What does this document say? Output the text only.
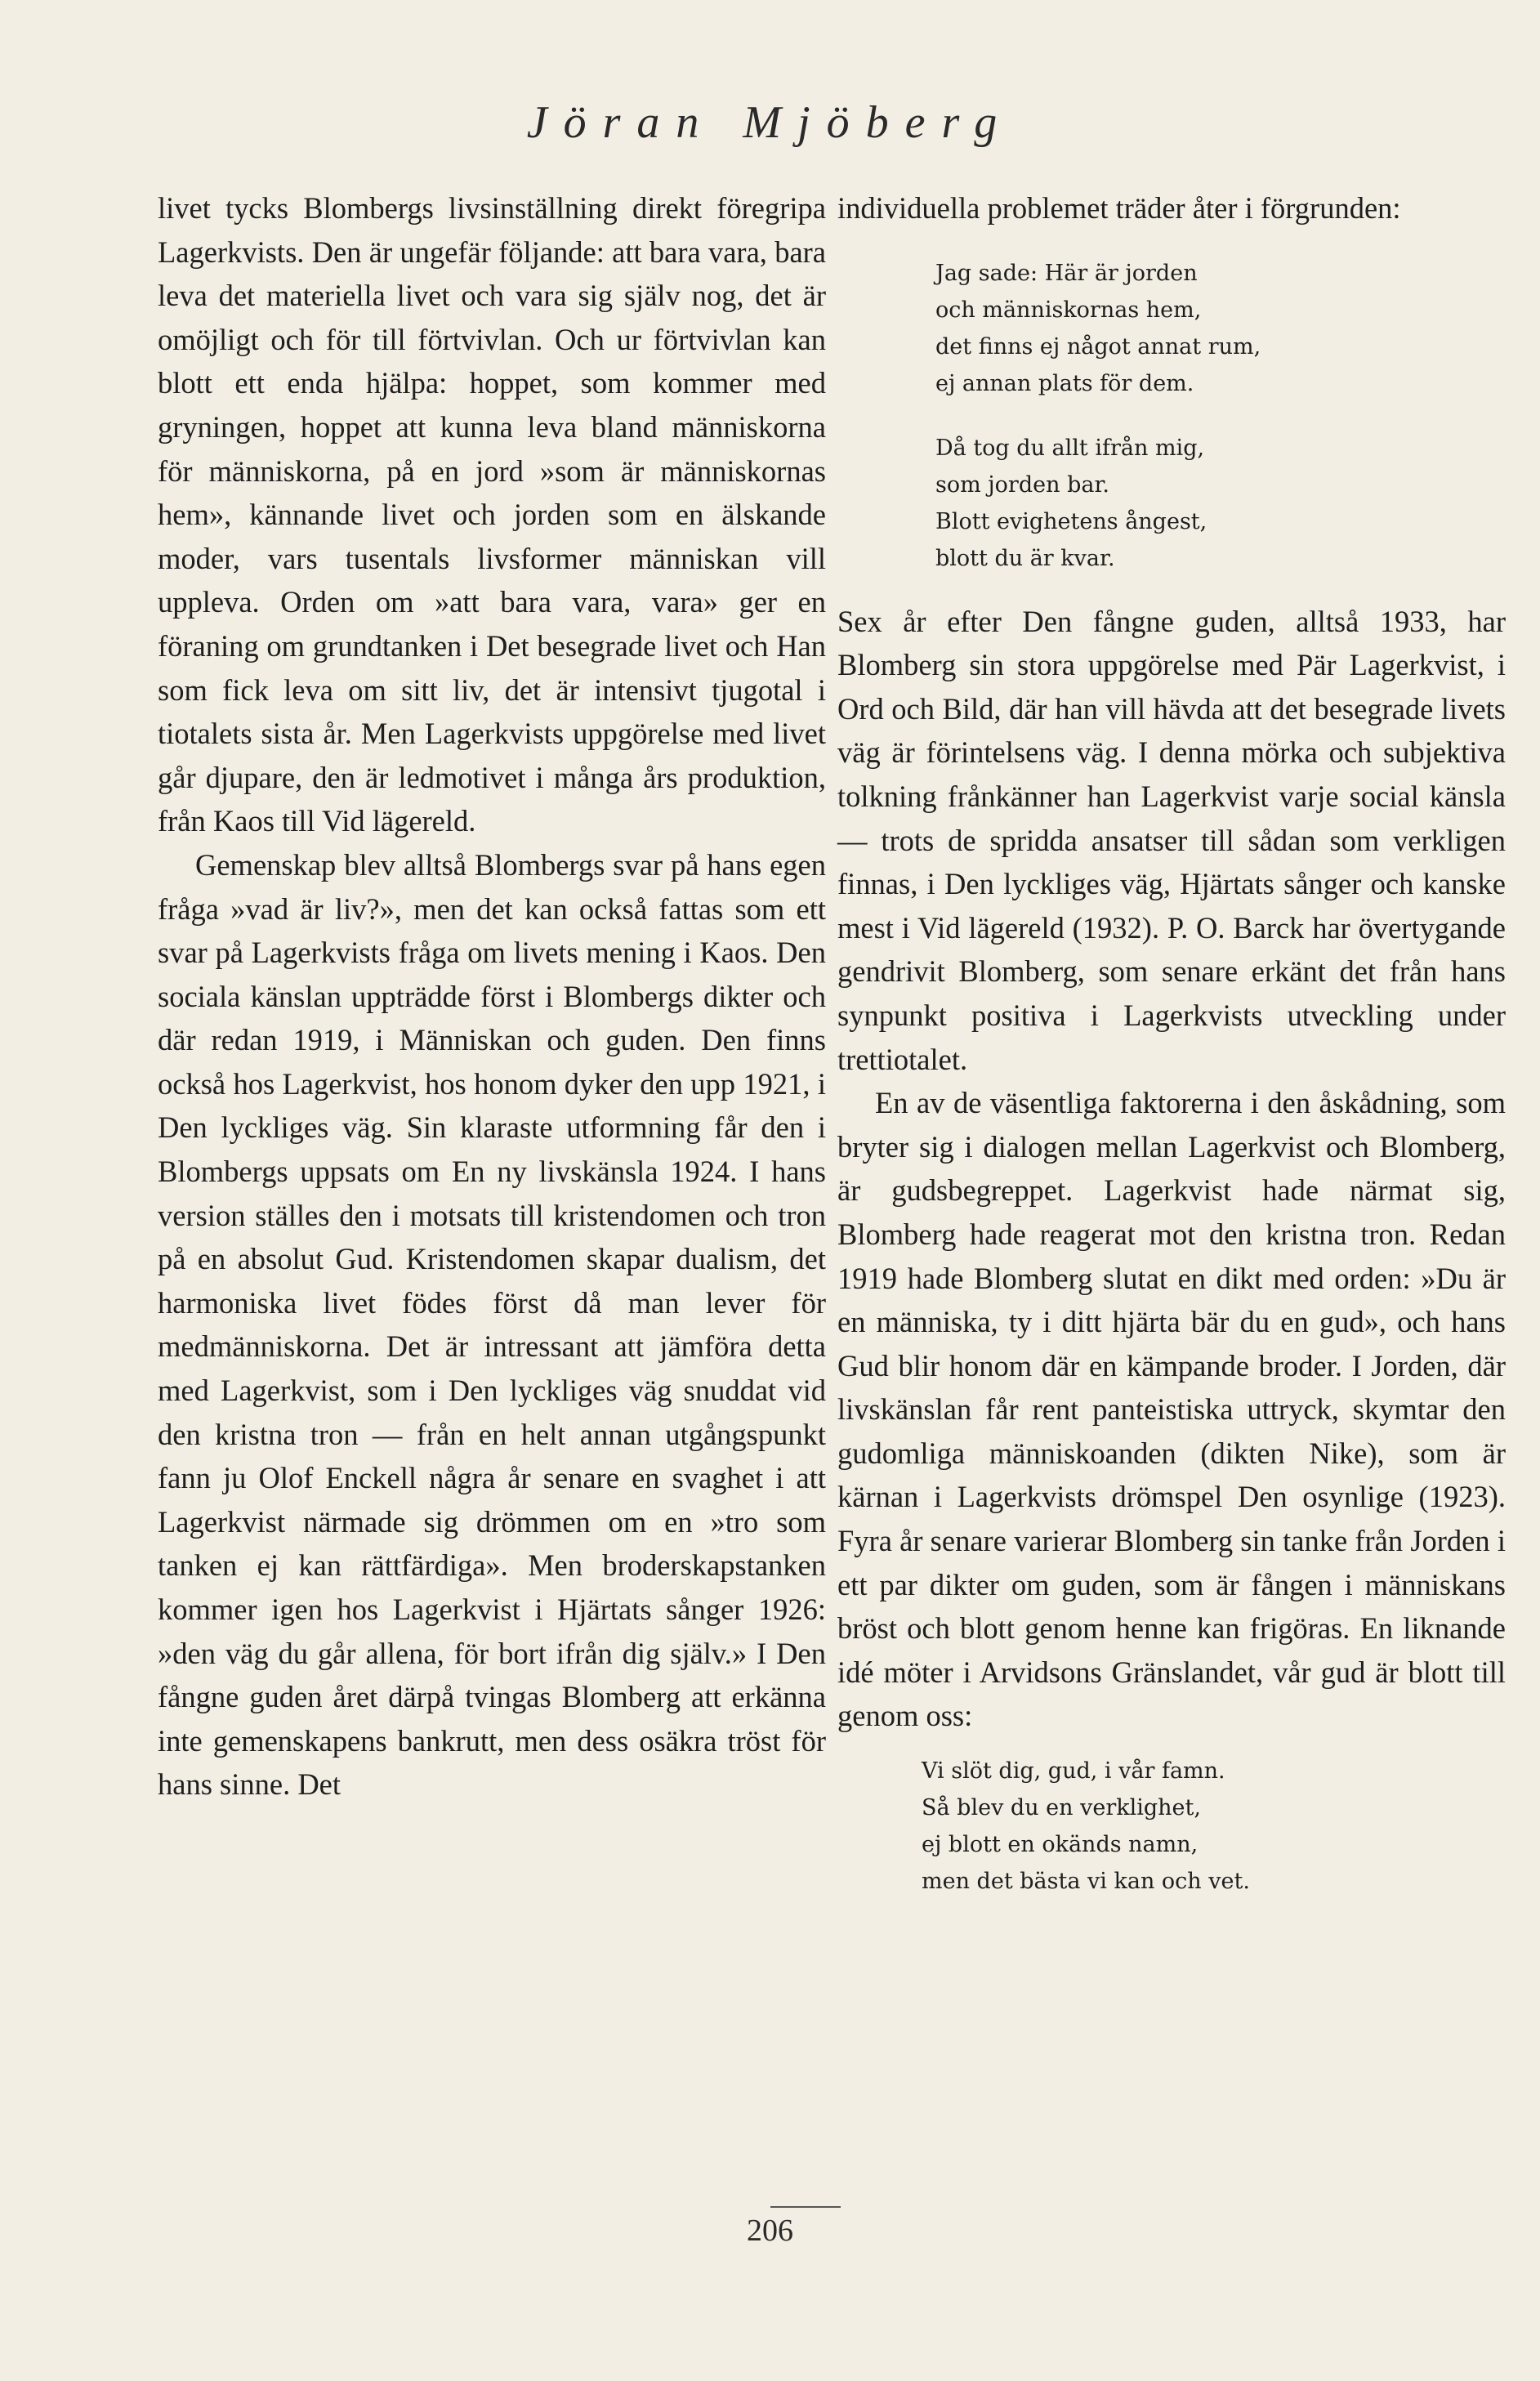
Jöran Mjöberg

livet tycks Blombergs livsinställning direkt föregripa Lagerkvists. Den är ungefär följande: att bara vara, bara leva det materiella livet och vara sig själv nog, det är omöjligt och för till förtvivlan. Och ur förtvivlan kan blott ett enda hjälpa: hoppet, som kommer med gryningen, hoppet att kunna leva bland människorna för människorna, på en jord »som är människornas hem», kännande livet och jorden som en älskande moder, vars tusentals livsformer människan vill uppleva. Orden om »att bara vara, vara» ger en föraning om grundtanken i Det besegrade livet och Han som fick leva om sitt liv, det är intensivt tjugotal i tiotalets sista år. Men Lagerkvists uppgörelse med livet går djupare, den är ledmotivet i många års produktion, från Kaos till Vid lägereld.

Gemenskap blev alltså Blombergs svar på hans egen fråga »vad är liv?», men det kan också fattas som ett svar på Lagerkvists fråga om livets mening i Kaos. Den sociala känslan uppträdde först i Blombergs dikter och där redan 1919, i Människan och guden. Den finns också hos Lagerkvist, hos honom dyker den upp 1921, i Den lyckliges väg. Sin klaraste utformning får den i Blombergs uppsats om En ny livskänsla 1924. I hans version ställes den i motsats till kristendomen och tron på en absolut Gud. Kristendomen skapar dualism, det harmoniska livet födes först då man lever för medmänniskorna. Det är intressant att jämföra detta med Lagerkvist, som i Den lyckliges väg snuddat vid den kristna tron — från en helt annan utgångspunkt fann ju Olof Enckell några år senare en svaghet i att Lagerkvist närmade sig drömmen om en »tro som tanken ej kan rättfärdiga». Men broderskapstanken kommer igen hos Lagerkvist i Hjärtats sånger 1926: »den väg du går allena, för bort ifrån dig själv.» I Den fångne guden året därpå tvingas Blomberg att erkänna inte gemenskapens bankrutt, men dess osäkra tröst för hans sinne. Det

individuella problemet träder åter i förgrunden:

Jag sade: Här är jorden
och människornas hem,
det finns ej något annat rum,
ej annan plats för dem.
Då tog du allt ifrån mig,
som jorden bar.
Blott evighetens ångest,
blott du är kvar.

Sex år efter Den fångne guden, alltså 1933, har Blomberg sin stora uppgörelse med Pär Lagerkvist, i Ord och Bild, där han vill hävda att det besegrade livets väg är förintelsens väg. I denna mörka och subjektiva tolkning frånkänner han Lagerkvist varje social känsla — trots de spridda ansatser till sådan som verkligen finnas, i Den lyckliges väg, Hjärtats sånger och kanske mest i Vid lägereld (1932). P. O. Barck har övertygande gendrivit Blomberg, som senare erkänt det från hans synpunkt positiva i Lagerkvists utveckling under trettiotalet.

En av de väsentliga faktorerna i den åskådning, som bryter sig i dialogen mellan Lagerkvist och Blomberg, är gudsbegreppet. Lagerkvist hade närmat sig, Blomberg hade reagerat mot den kristna tron. Redan 1919 hade Blomberg slutat en dikt med orden: »Du är en människa, ty i ditt hjärta bär du en gud», och hans Gud blir honom där en kämpande broder. I Jorden, där livskänslan får rent panteistiska uttryck, skymtar den gudomliga människoanden (dikten Nike), som är kärnan i Lagerkvists drömspel Den osynlige (1923). Fyra år senare varierar Blomberg sin tanke från Jorden i ett par dikter om guden, som är fången i människans bröst och blott genom henne kan frigöras. En liknande idé möter i Arvidsons Gränslandet, vår gud är blott till genom oss:

Vi slöt dig, gud, i vår famn.
Så blev du en verklighet,
ej blott en okänds namn,
men det bästa vi kan och vet.
206
